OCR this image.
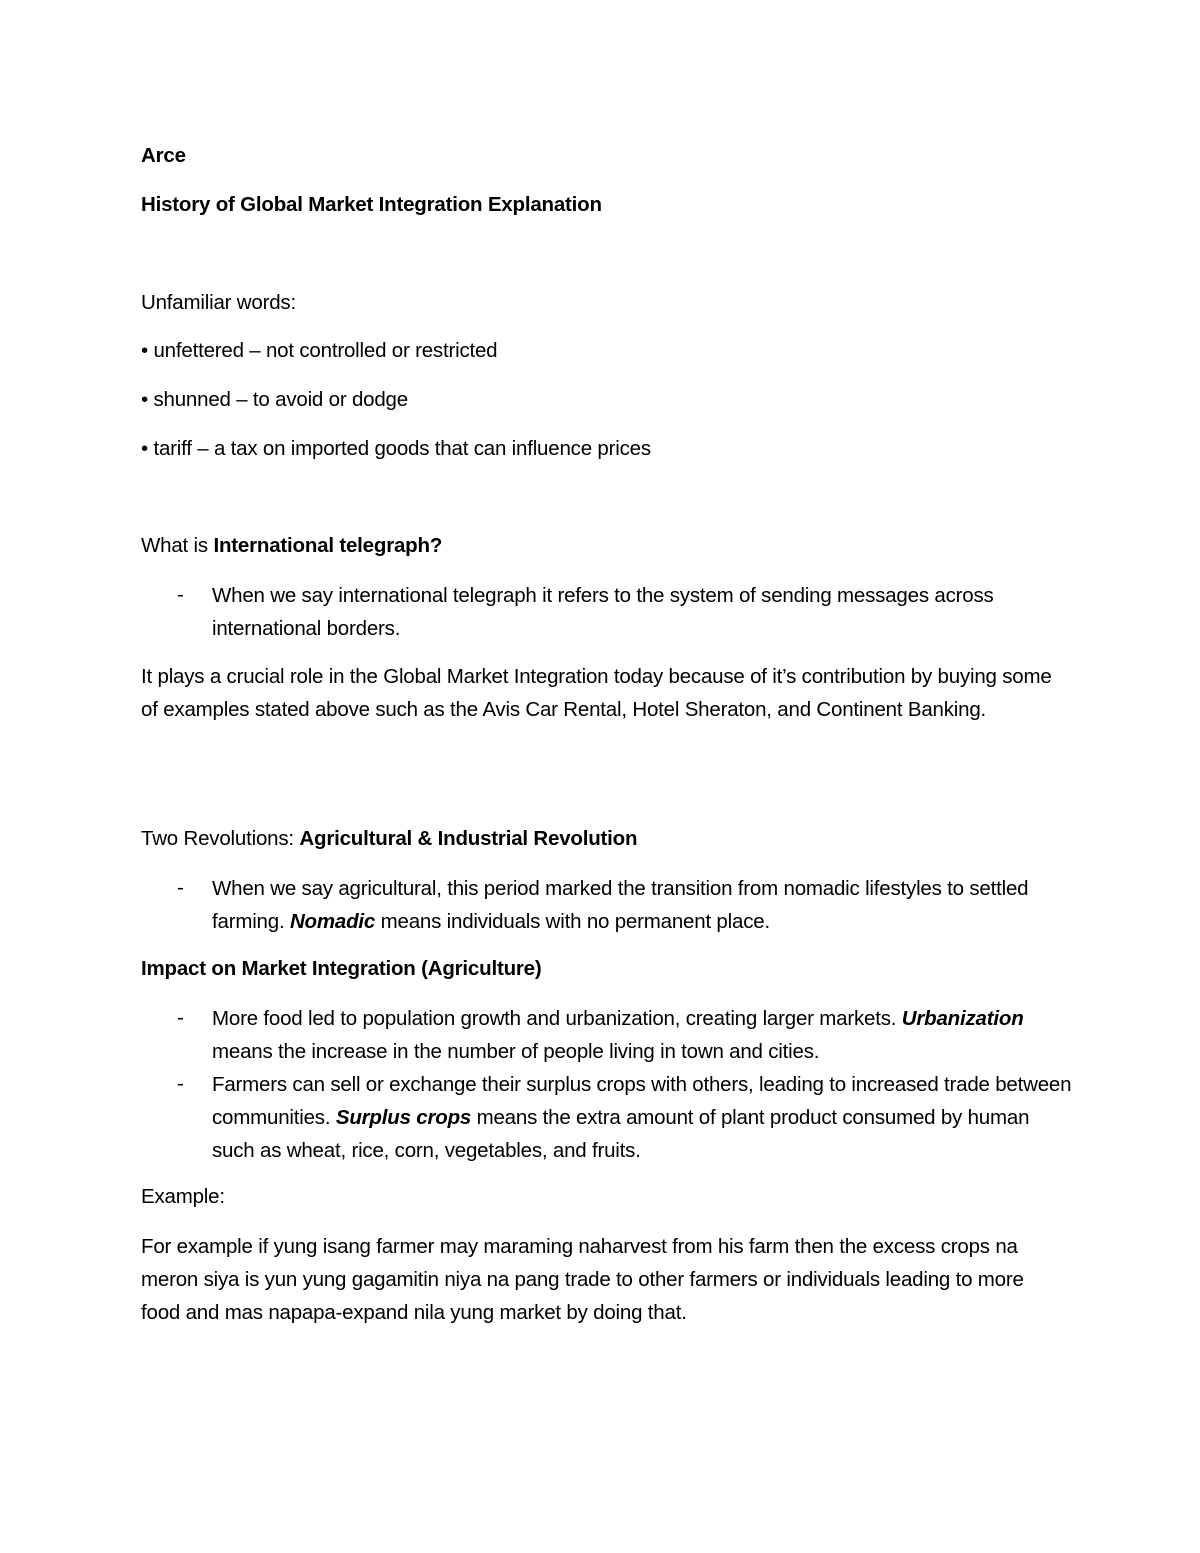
Arce
History of Global Market Integration Explanation
Unfamiliar words:
• unfettered – not controlled or restricted
• shunned – to avoid or dodge
• tariff – a tax on imported goods that can influence prices
What is International telegraph?
- When we say international telegraph it refers to the system of sending messages across international borders.
It plays a crucial role in the Global Market Integration today because of it’s contribution by buying some of examples stated above such as the Avis Car Rental, Hotel Sheraton, and Continent Banking.
Two Revolutions: Agricultural & Industrial Revolution
- When we say agricultural, this period marked the transition from nomadic lifestyles to settled farming. Nomadic means individuals with no permanent place.
Impact on Market Integration (Agriculture)
- More food led to population growth and urbanization, creating larger markets. Urbanization means the increase in the number of people living in town and cities.
- Farmers can sell or exchange their surplus crops with others, leading to increased trade between communities. Surplus crops means the extra amount of plant product consumed by human such as wheat, rice, corn, vegetables, and fruits.
Example:
For example if yung isang farmer may maraming naharvest from his farm then the excess crops na meron siya is yun yung gagamitin niya na pang trade to other farmers or individuals leading to more food and mas napapa-expand nila yung market by doing that.
